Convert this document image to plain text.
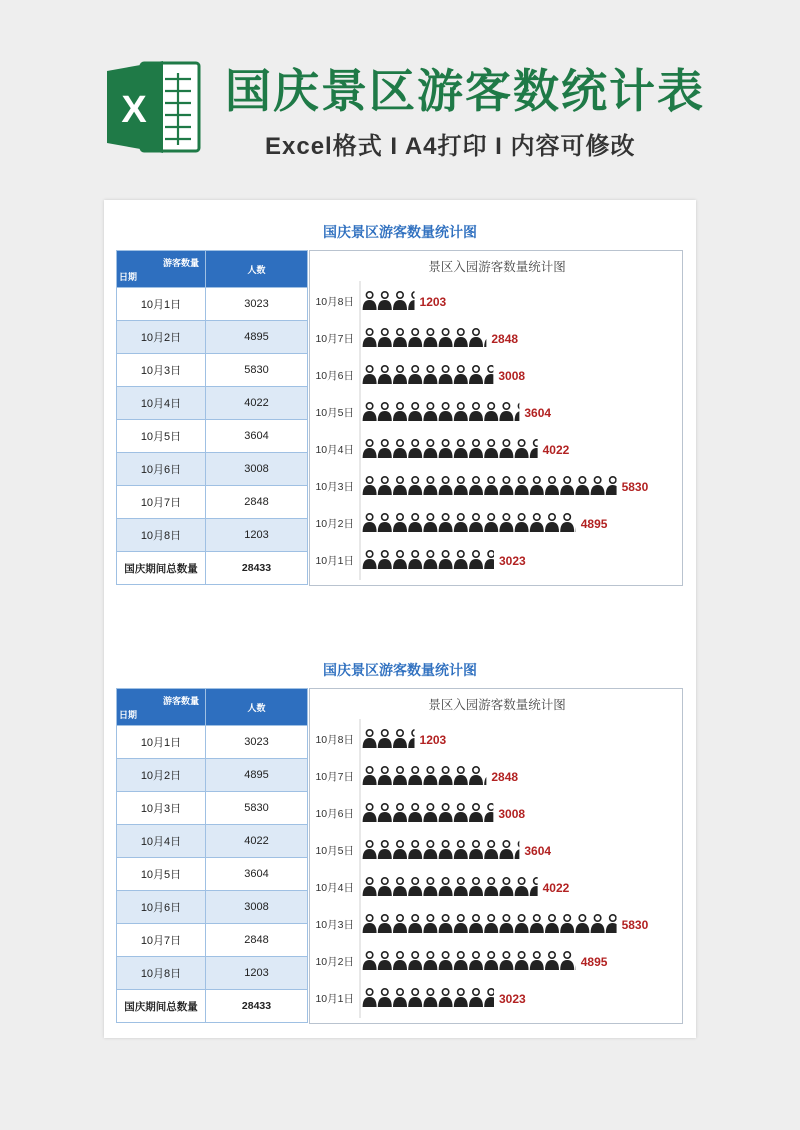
X 国庆景区游客数统计表
Excel格式 I A4打印 I 内容可修改
国庆景区游客数量统计图
游客数量
日期	人数
10月1日	3023
10月2日	4895
10月3日	5830
10月4日	4022
10月5日	3604
10月6日	3008
10月7日	2848
10月8日	1203
国庆期间总数量	28433
景区入园游客数量统计图
10月8日	1203
10月7日	2848
10月6日	3008
10月5日	3604
10月4日	4022
10月3日	5830
10月2日	4895
10月1日	3023
国庆景区游客数量统计图
游客数量
日期	人数
10月1日	3023
10月2日	4895
10月3日	5830
10月4日	4022
10月5日	3604
10月6日	3008
10月7日	2848
10月8日	1203
国庆期间总数量	28433
景区入园游客数量统计图
10月8日	1203
10月7日	2848
10月6日	3008
10月5日	3604
10月4日	4022
10月3日	5830
10月2日	4895
10月1日	3023
